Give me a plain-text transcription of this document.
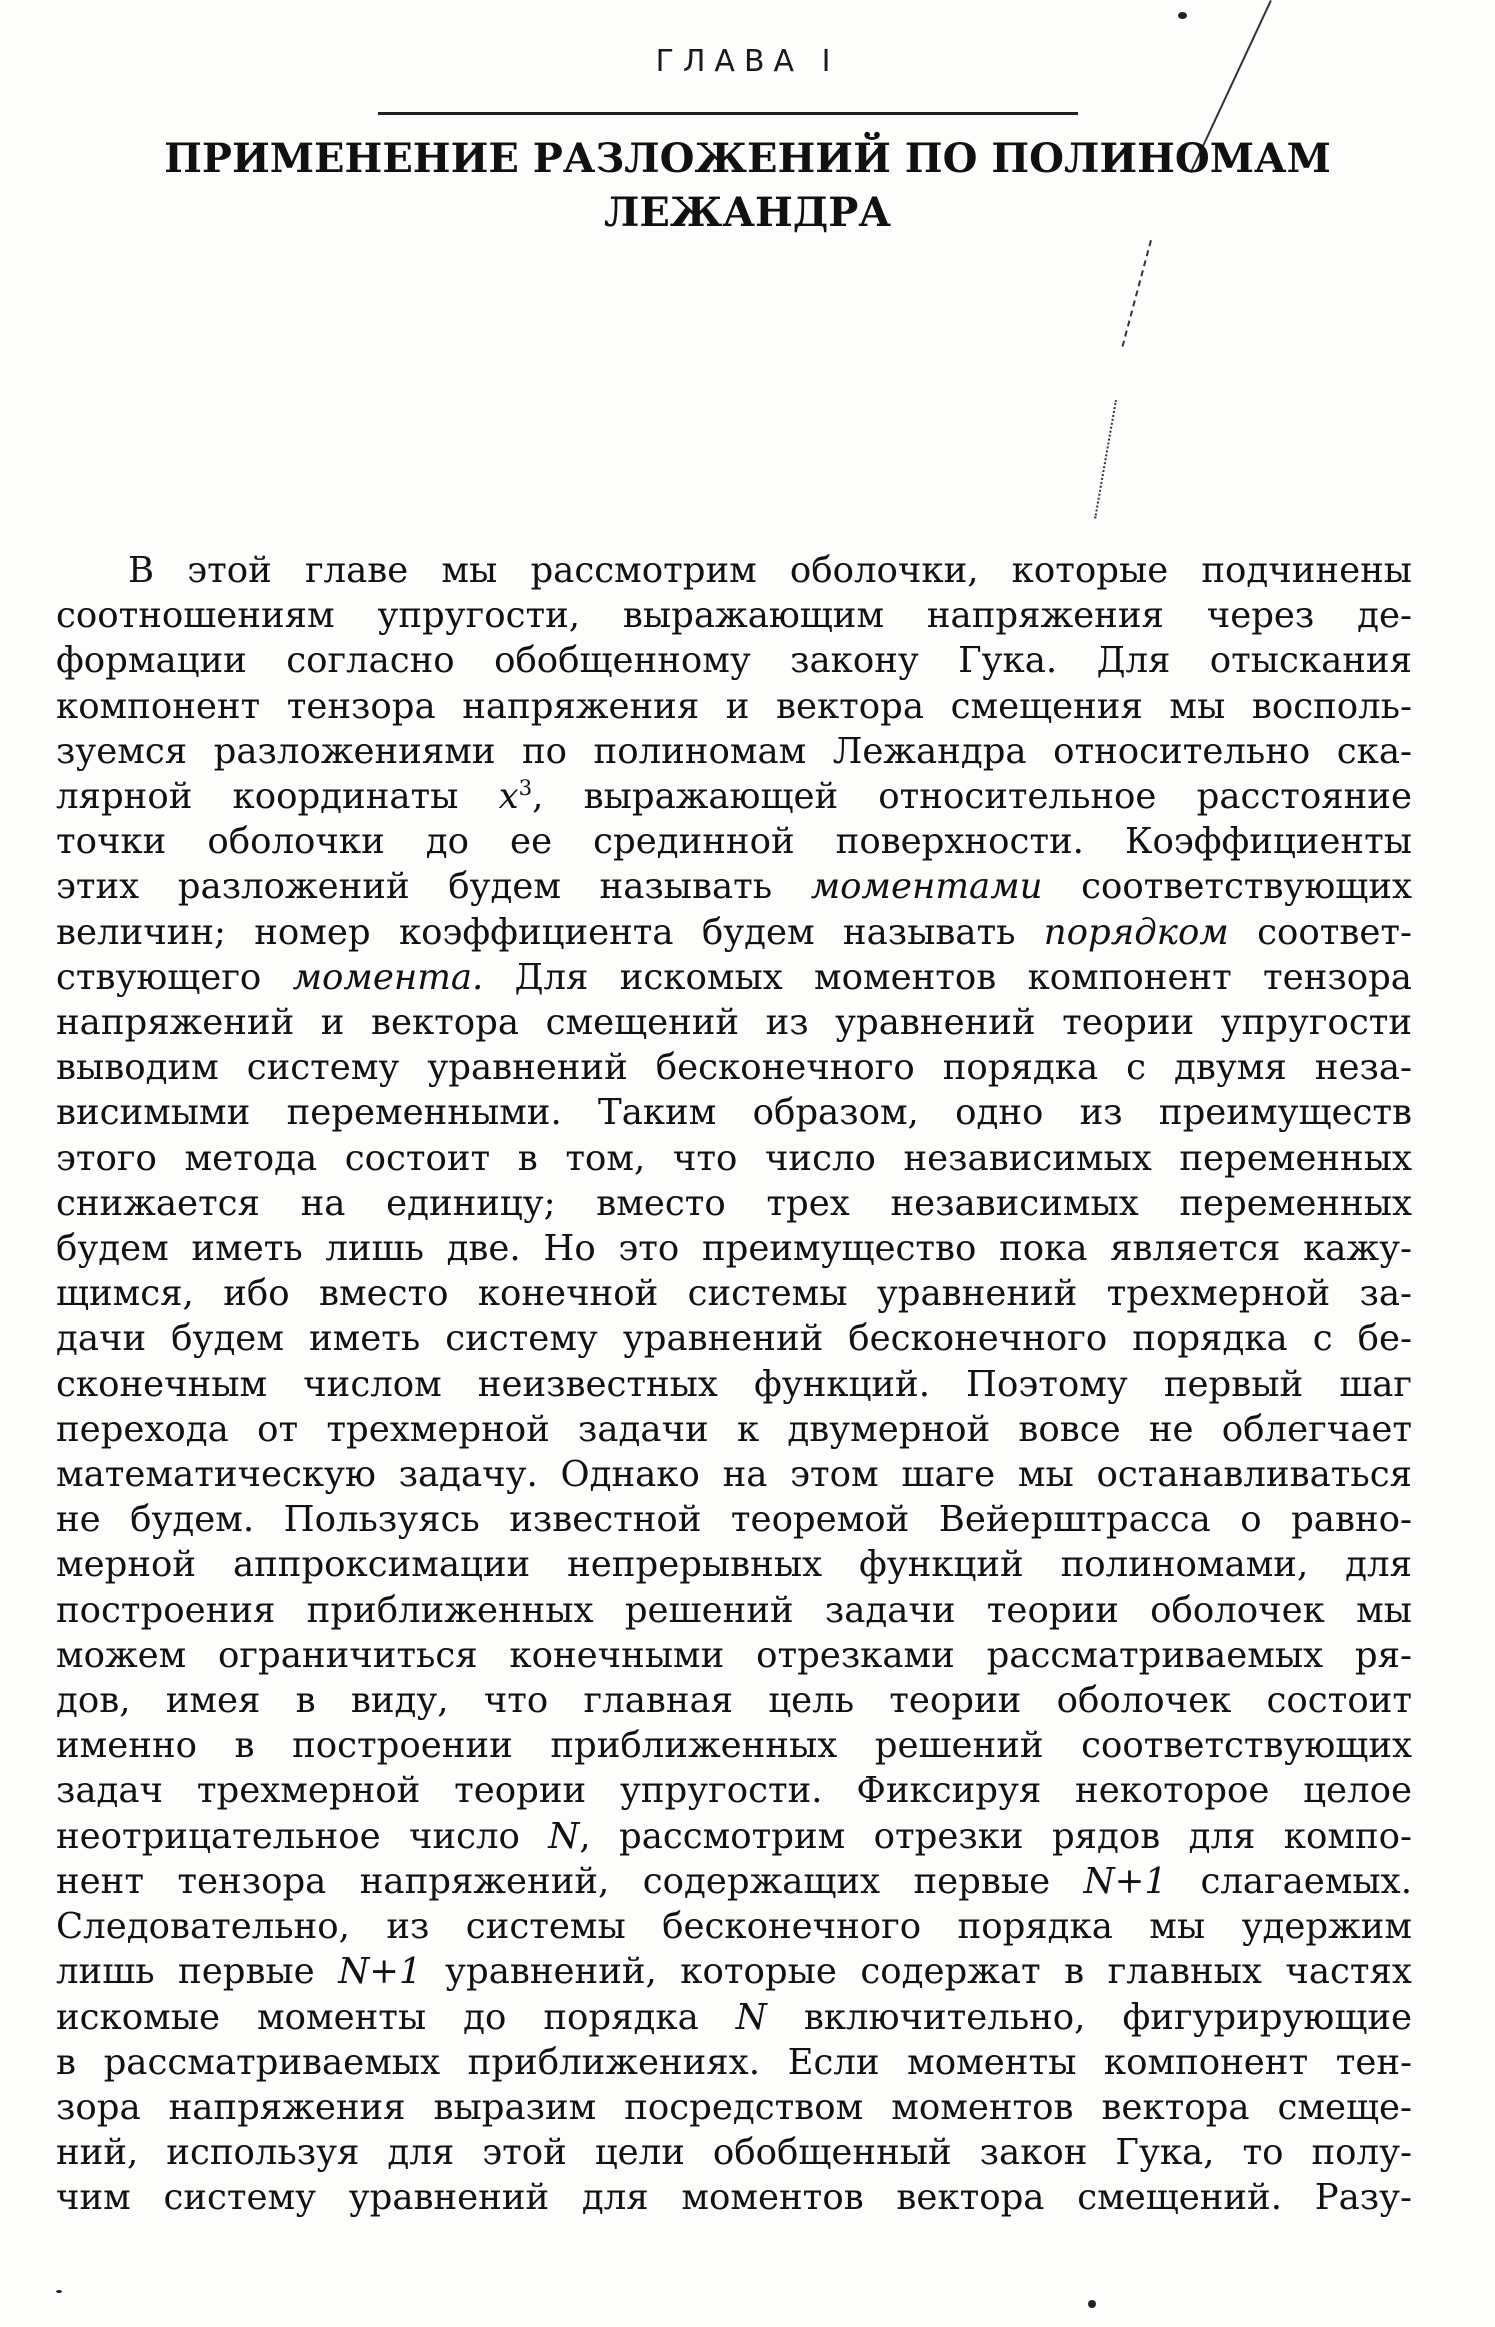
ГЛАВА I
ПРИМЕНЕНИЕ РАЗЛОЖЕНИЙ ПО ПОЛИНОМАМ
ЛЕЖАНДРА
В этой главе мы рассмотрим оболочки, которые подчинены
соотношениям упругости, выражающим напряжения через де-
формации согласно обобщенному закону Гука. Для отыскания
компонент тензора напряжения и вектора смещения мы восполь-
зуемся разложениями по полиномам Лежандра относительно ска-
лярной координаты $x^3$, выражающей относительное расстояние
точки оболочки до ее срединной поверхности. Коэффициенты
этих разложений будем называть моментами соответствующих
величин; номер коэффициента будем называть порядком соответ-
ствующего момента. Для искомых моментов компонент тензора
напряжений и вектора смещений из уравнений теории упругости
выводим систему уравнений бесконечного порядка с двумя неза-
висимыми переменными. Таким образом, одно из преимуществ
этого метода состоит в том, что число независимых переменных
снижается на единицу; вместо трех независимых переменных
будем иметь лишь две. Но это преимущество пока является кажу-
щимся, ибо вместо конечной системы уравнений трехмерной за-
дачи будем иметь систему уравнений бесконечного порядка с бе-
сконечным числом неизвестных функций. Поэтому первый шаг
перехода от трехмерной задачи к двумерной вовсе не облегчает
математическую задачу. Однако на этом шаге мы останавливаться
не будем. Пользуясь известной теоремой Вейерштрасса о равно-
мерной аппроксимации непрерывных функций полиномами, для
построения приближенных решений задачи теории оболочек мы
можем ограничиться конечными отрезками рассматриваемых ря-
дов, имея в виду, что главная цель теории оболочек состоит
именно в построении приближенных решений соответствующих
задач трехмерной теории упругости. Фиксируя некоторое целое
неотрицательное число N, рассмотрим отрезки рядов для компо-
нент тензора напряжений, содержащих первые N+1 слагаемых.
Следовательно, из системы бесконечного порядка мы удержим
лишь первые N+1 уравнений, которые содержат в главных частях
искомые моменты до порядка N включительно, фигурирующие
в рассматриваемых приближениях. Если моменты компонент тен-
зора напряжения выразим посредством моментов вектора смеще-
ний, используя для этой цели обобщенный закон Гука, то полу-
чим систему уравнений для моментов вектора смещений. Разу-
